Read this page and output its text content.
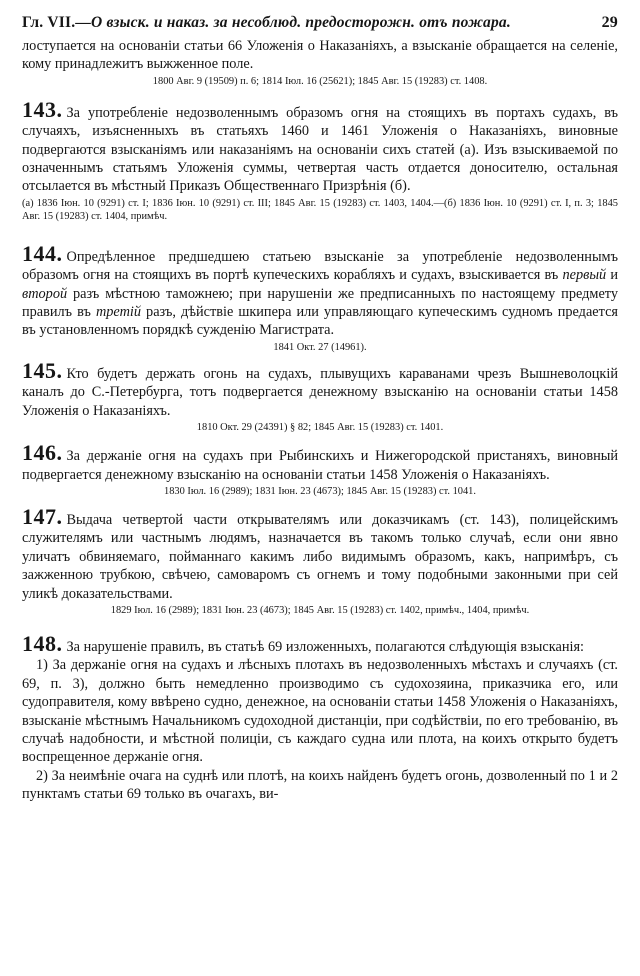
Гл. VII.—О взыск. и наказ. за несоблюд. предосторожн. отъ пожара.	29

лоступается на основаніи статьи 66 Уложенія о Наказаніяхъ, а взысканіе обращается на селеніе, кому принадлежитъ выжженное поле.

1800 Авг. 9 (19509) п. 6; 1814 Іюл. 16 (25621); 1845 Авг. 15 (19283) ст. 1408.

143. За употребленіе недозволеннымъ образомъ огня на стоящихъ въ портахъ судахъ, въ случаяхъ, изъясненныхъ въ статьяхъ 1460 и 1461 Уложенія о Наказаніяхъ, виновные подвергаются взысканіямъ или наказаніямъ на основаніи сихъ статей (а). Изъ взыскиваемой по означеннымъ статьямъ Уложенія суммы, четвертая часть отдается доносителю, остальная отсылается въ мѣстный Приказъ Общественнаго Призрѣнія (б).

(а) 1836 Іюн. 10 (9291) ст. І; 1836 Іюн. 10 (9291) ст. ІІІ; 1845 Авг. 15 (19283) ст. 1403, 1404.—(б) 1836 Іюн. 10 (9291) ст. І, п. 3; 1845 Авг. 15 (19283) ст. 1404, примѣч.

144. Опредѣленное предшедшею статьею взысканіе за употребленіе недозволеннымъ образомъ огня на стоящихъ въ портѣ купеческихъ корабляхъ и судахъ, взыскивается въ первый и второй разъ мѣстною таможнею; при нарушеніи же предписанныхъ по настоящему предмету правилъ въ третій разъ, дѣйствіе шкипера или управляющаго купеческимъ судномъ предается въ установленномъ порядкѣ сужденію Магистрата.

1841 Окт. 27 (14961).

145. Кто будетъ держать огонь на судахъ, плывущихъ караванами чрезъ Вышневолоцкій каналъ до С.-Петербурга, тотъ подвергается денежному взысканію на основаніи статьи 1458 Уложенія о Наказаніяхъ.

1810 Окт. 29 (24391) § 82; 1845 Авг. 15 (19283) ст. 1401.

146. За держаніе огня на судахъ при Рыбинскихъ и Нижегородской пристаняхъ, виновный подвергается денежному взысканію на основаніи статьи 1458 Уложенія о Наказаніяхъ.

1830 Іюл. 16 (2989); 1831 Іюн. 23 (4673); 1845 Авг. 15 (19283) ст. 1041.

147. Выдача четвертой части открывателямъ или доказчикамъ (ст. 143), полицейскимъ служителямъ или частнымъ людямъ, назначается въ такомъ только случаѣ, если они явно уличатъ обвиняемаго, пойманнаго какимъ либо видимымъ образомъ, какъ, напримѣръ, съ зажженною трубкою, свѣчею, самоваромъ съ огнемъ и тому подобными законными при сей уликѣ доказательствами.

1829 Іюл. 16 (2989); 1831 Іюн. 23 (4673); 1845 Авг. 15 (19283) ст. 1402, примѣч., 1404, примѣч.

148. За нарушеніе правилъ, въ статьѣ 69 изложенныхъ, полагаются слѣдующія взысканія:

1) За держаніе огня на судахъ и лѣсныхъ плотахъ въ недозволенныхъ мѣстахъ и случаяхъ (ст. 69, п. 3), должно быть немедленно производимо съ судохозяина, приказчика его, или судоправителя, кому ввѣрено судно, денежное, на основаніи статьи 1458 Уложенія о Наказаніяхъ, взысканіе мѣстнымъ Начальникомъ судоходной дистанціи, при содѣйствіи, по его требованію, въ случаѣ надобности, и мѣстной полиціи, съ каждаго судна или плота, на коихъ открыто будетъ воспрещенное держаніе огня.

2) За неимѣніе очага на суднѣ или плотѣ, на коихъ найденъ будетъ огонь, дозволенный по 1 и 2 пунктамъ статьи 69 только въ очагахъ, ви-
